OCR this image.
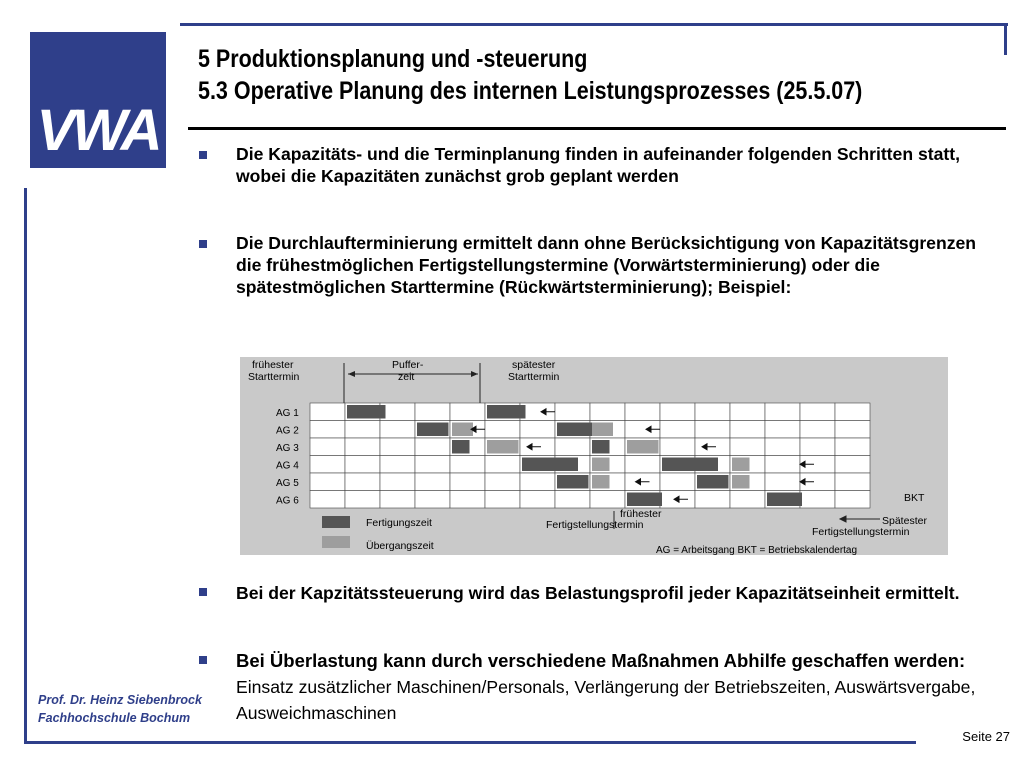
VWA
5 Produktionsplanung und -steuerung
5.3 Operative Planung des internen Leistungsprozesses (25.5.07)
Die Kapazitäts- und die Terminplanung finden in aufeinander folgenden Schritten statt, wobei die Kapazitäten zunächst grob geplant werden
Die Durchlaufterminierung ermittelt dann ohne Berücksichtigung von Kapazitätsgrenzen die frühestmöglichen Fertigstellungstermine (Vorwärtsterminierung) oder die spätestmöglichen Starttermine (Rückwärtsterminierung); Beispiel:
frühester
Starttermin
Puffer-
zeit
spätester
Starttermin
AG 1
AG 2
AG 3
AG 4
AG 5
AG 6
frühester
Fertigstellungstermin
BKT
Spätester
Fertigstellungstermin
Fertigungszeit
Übergangszeit	AG = Arbeitsgang BKT = Betriebskalendertag
Bei der Kapzitätssteuerung wird das Belastungsprofil jeder Kapazitätseinheit ermittelt.
Bei Überlastung kann durch verschiedene Maßnahmen Abhilfe geschaffen werden: Einsatz zusätzlicher Maschinen/Personals, Verlängerung der Betriebszeiten, Auswärtsvergabe, Ausweichmaschinen
Prof. Dr. Heinz Siebenbrock
Fachhochschule Bochum
Seite 27
